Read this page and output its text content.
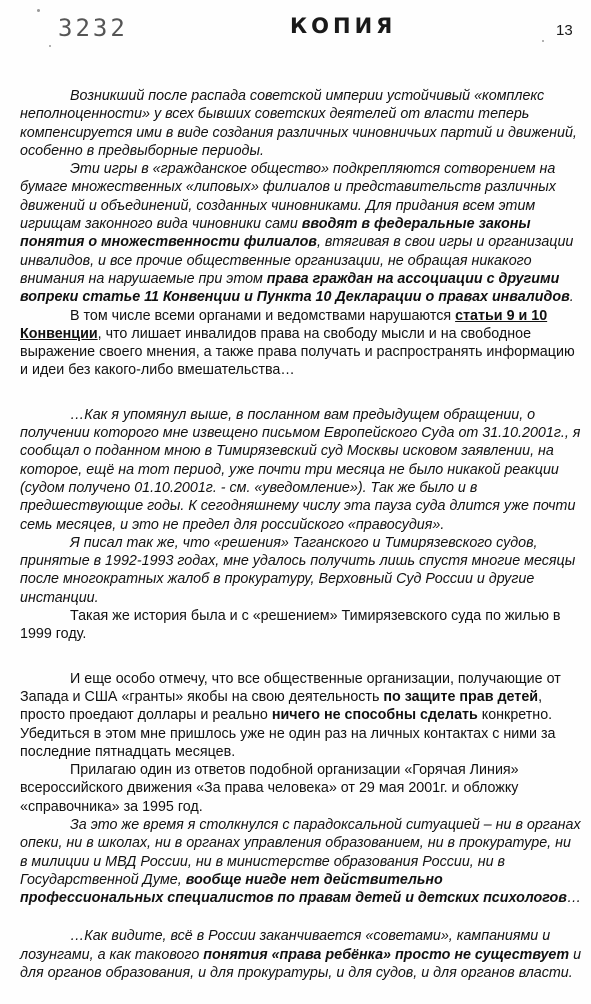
3232	КОПИЯ	13

Возникший после распада советской империи устойчивый «комплекс неполноценности» у всех бывших советских деятелей от власти теперь компенсируется ими в виде создания различных чиновничьих партий и движений, особенно в предвыборные периоды.

Эти игры в «гражданское общество» подкрепляются сотворением на бумаге множественных «липовых» филиалов и представительств различных движений и объединений, созданных чиновниками. Для придания всем этим игрищам законного вида чиновники сами вводят в федеральные законы понятия о множественности филиалов, втягивая в свои игры и организации инвалидов, и все прочие общественные организации, не обращая никакого внимания на нарушаемые при этом права граждан на ассоциации с другими вопреки статье 11 Конвенции и Пункта 10 Декларации о правах инвалидов.

В том числе всеми органами и ведомствами нарушаются статьи 9 и 10 Конвенции, что лишает инвалидов права на свободу мысли и на свободное выражение своего мнения, а также права получать и распространять информацию и идеи без какого-либо вмешательства…

…Как я упомянул выше, в посланном вам предыдущем обращении, о получении которого мне извещено письмом Европейского Суда от 31.10.2001г., я сообщал о поданном мною в Тимирязевский суд Москвы исковом заявлении, на которое, ещё на тот период, уже почти три месяца не было никакой реакции (судом получено 01.10.2001г. - см. «уведомление»). Так же было и в предшествующие годы. К сегодняшнему числу эта пауза суда длится уже почти семь месяцев, и это не предел для российского «правосудия».

Я писал так же, что «решения» Таганского и Тимирязевского судов, принятые в 1992-1993 годах, мне удалось получить лишь спустя многие месяцы после многократных жалоб в прокуратуру, Верховный Суд России и другие инстанции.

Такая же история была и с «решением» Тимирязевского суда по жилью в 1999 году.

И еще особо отмечу, что все общественные организации, получающие от Запада и США «гранты» якобы на свою деятельность по защите прав детей, просто проедают доллары и реально ничего не способны сделать конкретно. Убедиться в этом мне пришлось уже не один раз на личных контактах с ними за последние пятнадцать месяцев.

Прилагаю один из ответов подобной организации «Горячая Линия» всероссийского движения «За права человека» от 29 мая 2001г. и обложку «справочника» за 1995 год.

За это же время я столкнулся с парадоксальной ситуацией – ни в органах опеки, ни в школах, ни в органах управления образованием, ни в прокуратуре, ни в милиции и МВД России, ни в министерстве образования России, ни в Государственной Думе, вообще нигде нет действительно профессиональных специалистов по правам детей и детских психологов…

…Как видите, всё в России заканчивается «советами», кампаниями и лозунгами, а как такового понятия «права ребёнка» просто не существует и для органов образования, и для прокуратуры, и для судов, и для органов власти.
